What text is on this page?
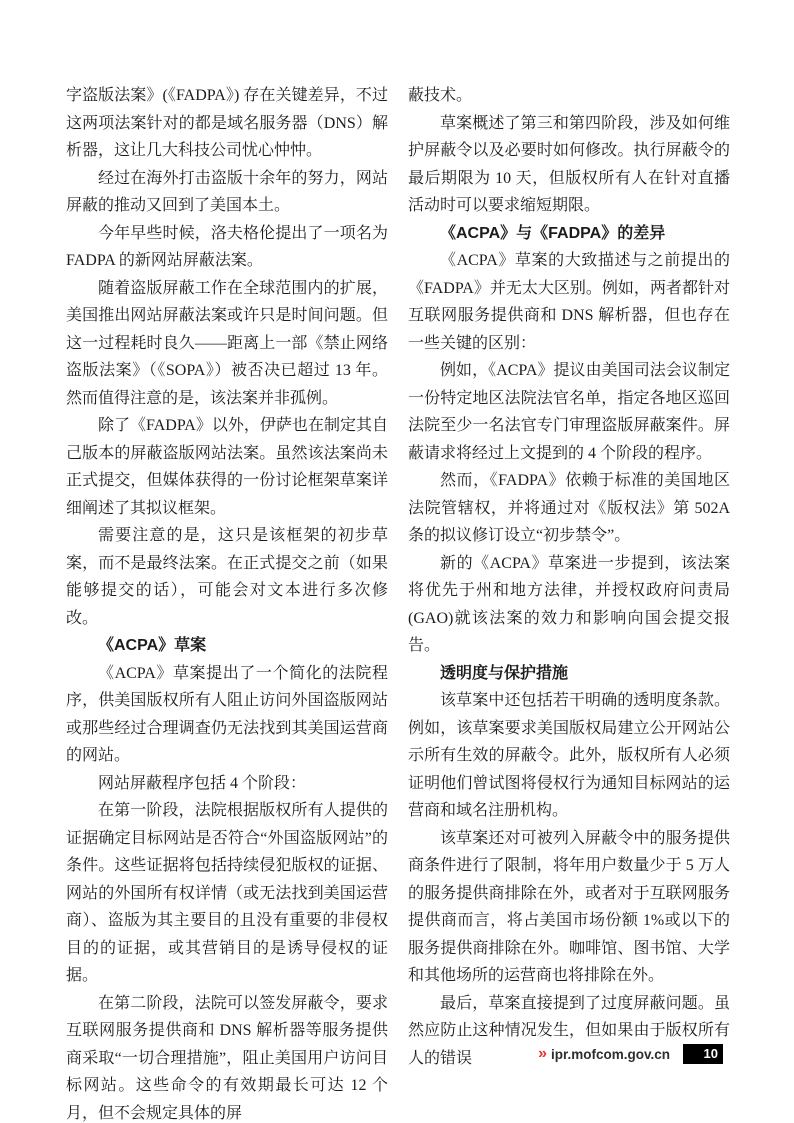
字盗版法案》(《FADPA》) 存在关键差异，不过这两项法案针对的都是域名服务器（DNS）解析器，这让几大科技公司忧心忡忡。

经过在海外打击盗版十余年的努力，网站屏蔽的推动又回到了美国本土。

今年早些时候，洛夫格伦提出了一项名为 FADPA 的新网站屏蔽法案。

随着盗版屏蔽工作在全球范围内的扩展，美国推出网站屏蔽法案或许只是时间问题。但这一过程耗时良久——距离上一部《禁止网络盗版法案》（《SOPA》）被否决已超过 13 年。然而值得注意的是，该法案并非孤例。

除了《FADPA》以外，伊萨也在制定其自己版本的屏蔽盗版网站法案。虽然该法案尚未正式提交，但媒体获得的一份讨论框架草案详细阐述了其拟议框架。

需要注意的是，这只是该框架的初步草案，而不是最终法案。在正式提交之前（如果能够提交的话），可能会对文本进行多次修改。

《ACPA》草案

《ACPA》草案提出了一个简化的法院程序，供美国版权所有人阻止访问外国盗版网站或那些经过合理调查仍无法找到其美国运营商的网站。

网站屏蔽程序包括 4 个阶段：

在第一阶段，法院根据版权所有人提供的证据确定目标网站是否符合“外国盗版网站”的条件。这些证据将包括持续侵犯版权的证据、网站的外国所有权详情（或无法找到美国运营商）、盗版为其主要目的且没有重要的非侵权目的的证据，或其营销目的是诱导侵权的证据。

在第二阶段，法院可以签发屏蔽令，要求互联网服务提供商和 DNS 解析器等服务提供商采取“一切合理措施”，阻止美国用户访问目标网站。这些命令的有效期最长可达 12 个月，但不会规定具体的屏

蔽技术。

草案概述了第三和第四阶段，涉及如何维护屏蔽令以及必要时如何修改。执行屏蔽令的最后期限为 10 天，但版权所有人在针对直播活动时可以要求缩短期限。

《ACPA》与《FADPA》的差异

《ACPA》草案的大致描述与之前提出的《FADPA》并无太大区别。例如，两者都针对互联网服务提供商和 DNS 解析器，但也存在一些关键的区别：

例如，《ACPA》提议由美国司法会议制定一份特定地区法院法官名单，指定各地区巡回法院至少一名法官专门审理盗版屏蔽案件。屏蔽请求将经过上文提到的 4 个阶段的程序。

然而，《FADPA》依赖于标准的美国地区法院管辖权，并将通过对《版权法》第 502A 条的拟议修订设立“初步禁令”。

新的《ACPA》草案进一步提到，该法案将优先于州和地方法律，并授权政府问责局(GAO)就该法案的效力和影响向国会提交报告。

透明度与保护措施

该草案中还包括若干明确的透明度条款。例如，该草案要求美国版权局建立公开网站公示所有生效的屏蔽令。此外，版权所有人必须证明他们曾试图将侵权行为通知目标网站的运营商和域名注册机构。

该草案还对可被列入屏蔽令中的服务提供商条件进行了限制，将年用户数量少于 5 万人的服务提供商排除在外，或者对于互联网服务提供商而言，将占美国市场份额 1%或以下的服务提供商排除在外。咖啡馆、图书馆、大学和其他场所的运营商也将排除在外。

最后，草案直接提到了过度屏蔽问题。虽然应防止这种情况发生，但如果由于版权所有人的错误	» ipr.mofcom.gov.cn	10
